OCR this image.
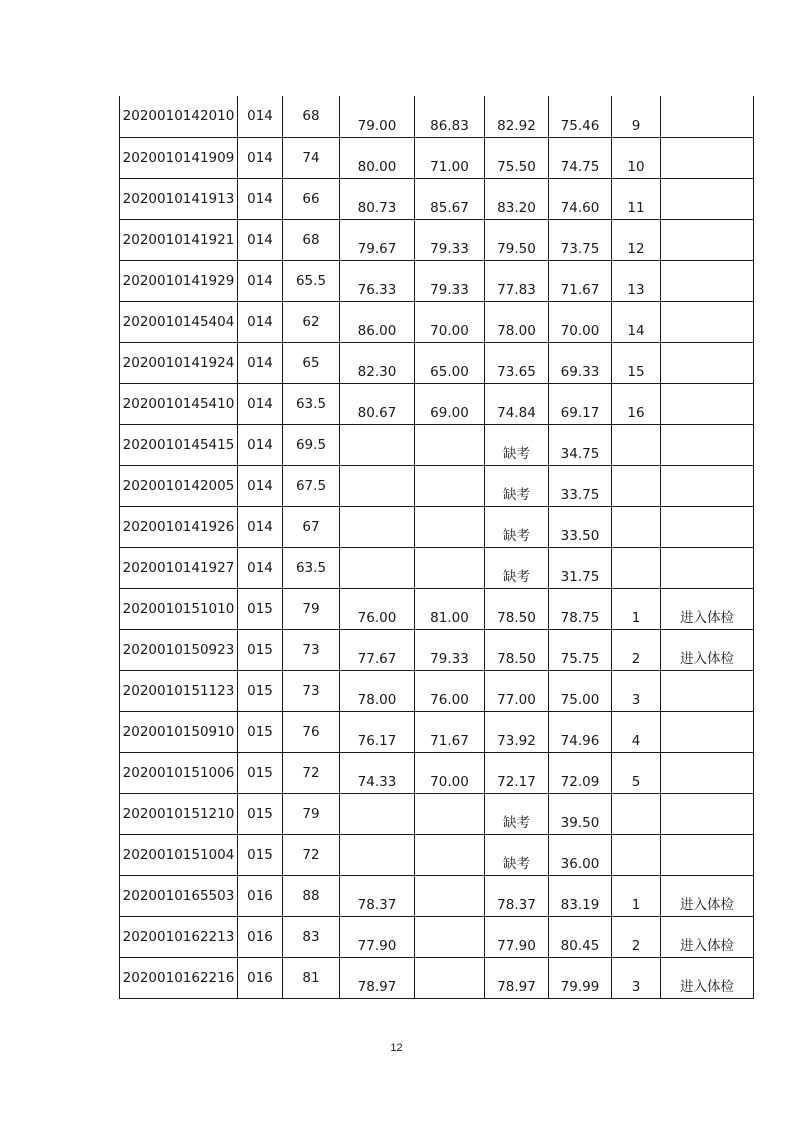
2020010142010	014	68	79.00	86.83	82.92	75.46	9	
2020010141909	014	74	80.00	71.00	75.50	74.75	10	
2020010141913	014	66	80.73	85.67	83.20	74.60	11	
2020010141921	014	68	79.67	79.33	79.50	73.75	12	
2020010141929	014	65.5	76.33	79.33	77.83	71.67	13	
2020010145404	014	62	86.00	70.00	78.00	70.00	14	
2020010141924	014	65	82.30	65.00	73.65	69.33	15	
2020010145410	014	63.5	80.67	69.00	74.84	69.17	16	
2020010145415	014	69.5			缺考	34.75		
2020010142005	014	67.5			缺考	33.75		
2020010141926	014	67			缺考	33.50		
2020010141927	014	63.5			缺考	31.75		
2020010151010	015	79	76.00	81.00	78.50	78.75	1	进入体检
2020010150923	015	73	77.67	79.33	78.50	75.75	2	进入体检
2020010151123	015	73	78.00	76.00	77.00	75.00	3	
2020010150910	015	76	76.17	71.67	73.92	74.96	4	
2020010151006	015	72	74.33	70.00	72.17	72.09	5	
2020010151210	015	79			缺考	39.50		
2020010151004	015	72			缺考	36.00		
2020010165503	016	88	78.37		78.37	83.19	1	进入体检
2020010162213	016	83	77.90		77.90	80.45	2	进入体检
2020010162216	016	81	78.97		78.97	79.99	3	进入体检
12
